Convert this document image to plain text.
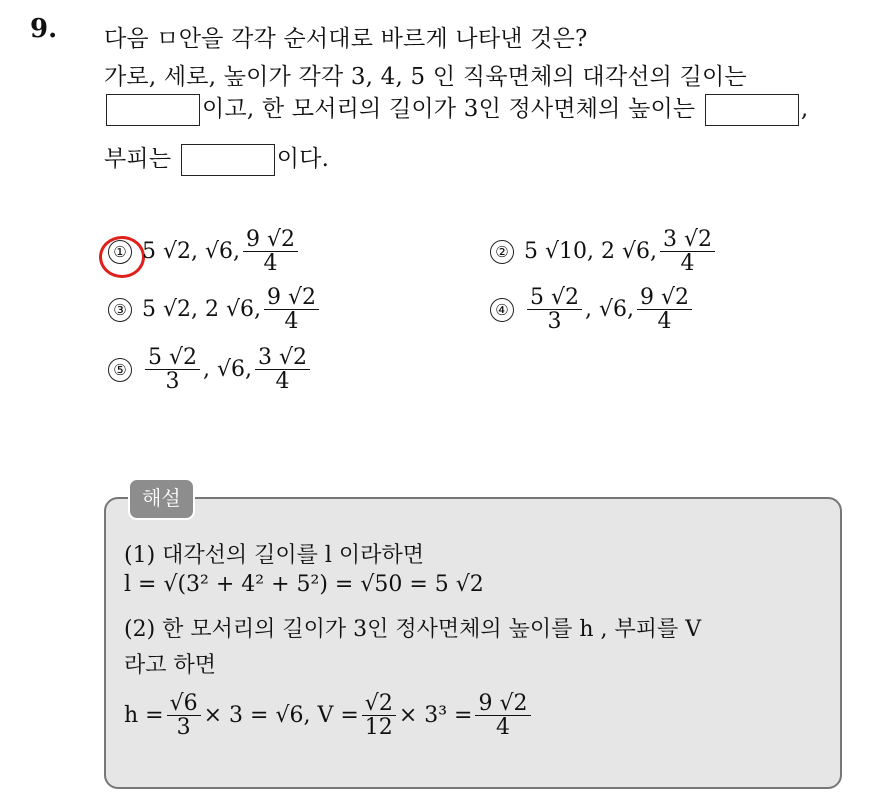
9. 다음 ㅁ안을 각각 순서대로 바르게 나타낸 것은?
가로, 세로, 높이가 각각 3, 4, 5 인 직육면체의 대각선의 길이는
이고, 한 모서리의 길이가 3인 정사면체의 높이는	,
부피는	이다.
① 5 √2, √6, $\frac{9 √2}{4}$	② 5 √10, 2 √6, $\frac{3 √2}{4}$
③ 5 √2, 2 √6, $\frac{9 √2}{4}$	④ $\frac{5 √2}{3}$ , √6, $\frac{9 √2}{4}$
⑤ $\frac{5 √2}{3}$ , √6, $\frac{3 √2}{4}$
해설
(1) 대각선의 길이를 l 이라하면
l = √(3² + 4² + 5²) = √50 = 5 √2
(2) 한 모서리의 길이가 3인 정사면체의 높이를 h , 부피를 V
라고 하면
$h = \frac{√6}{3} \times 3 = √6$, $V = \frac{√2}{12} \times 3^3 = \frac{9 √2}{4}$
